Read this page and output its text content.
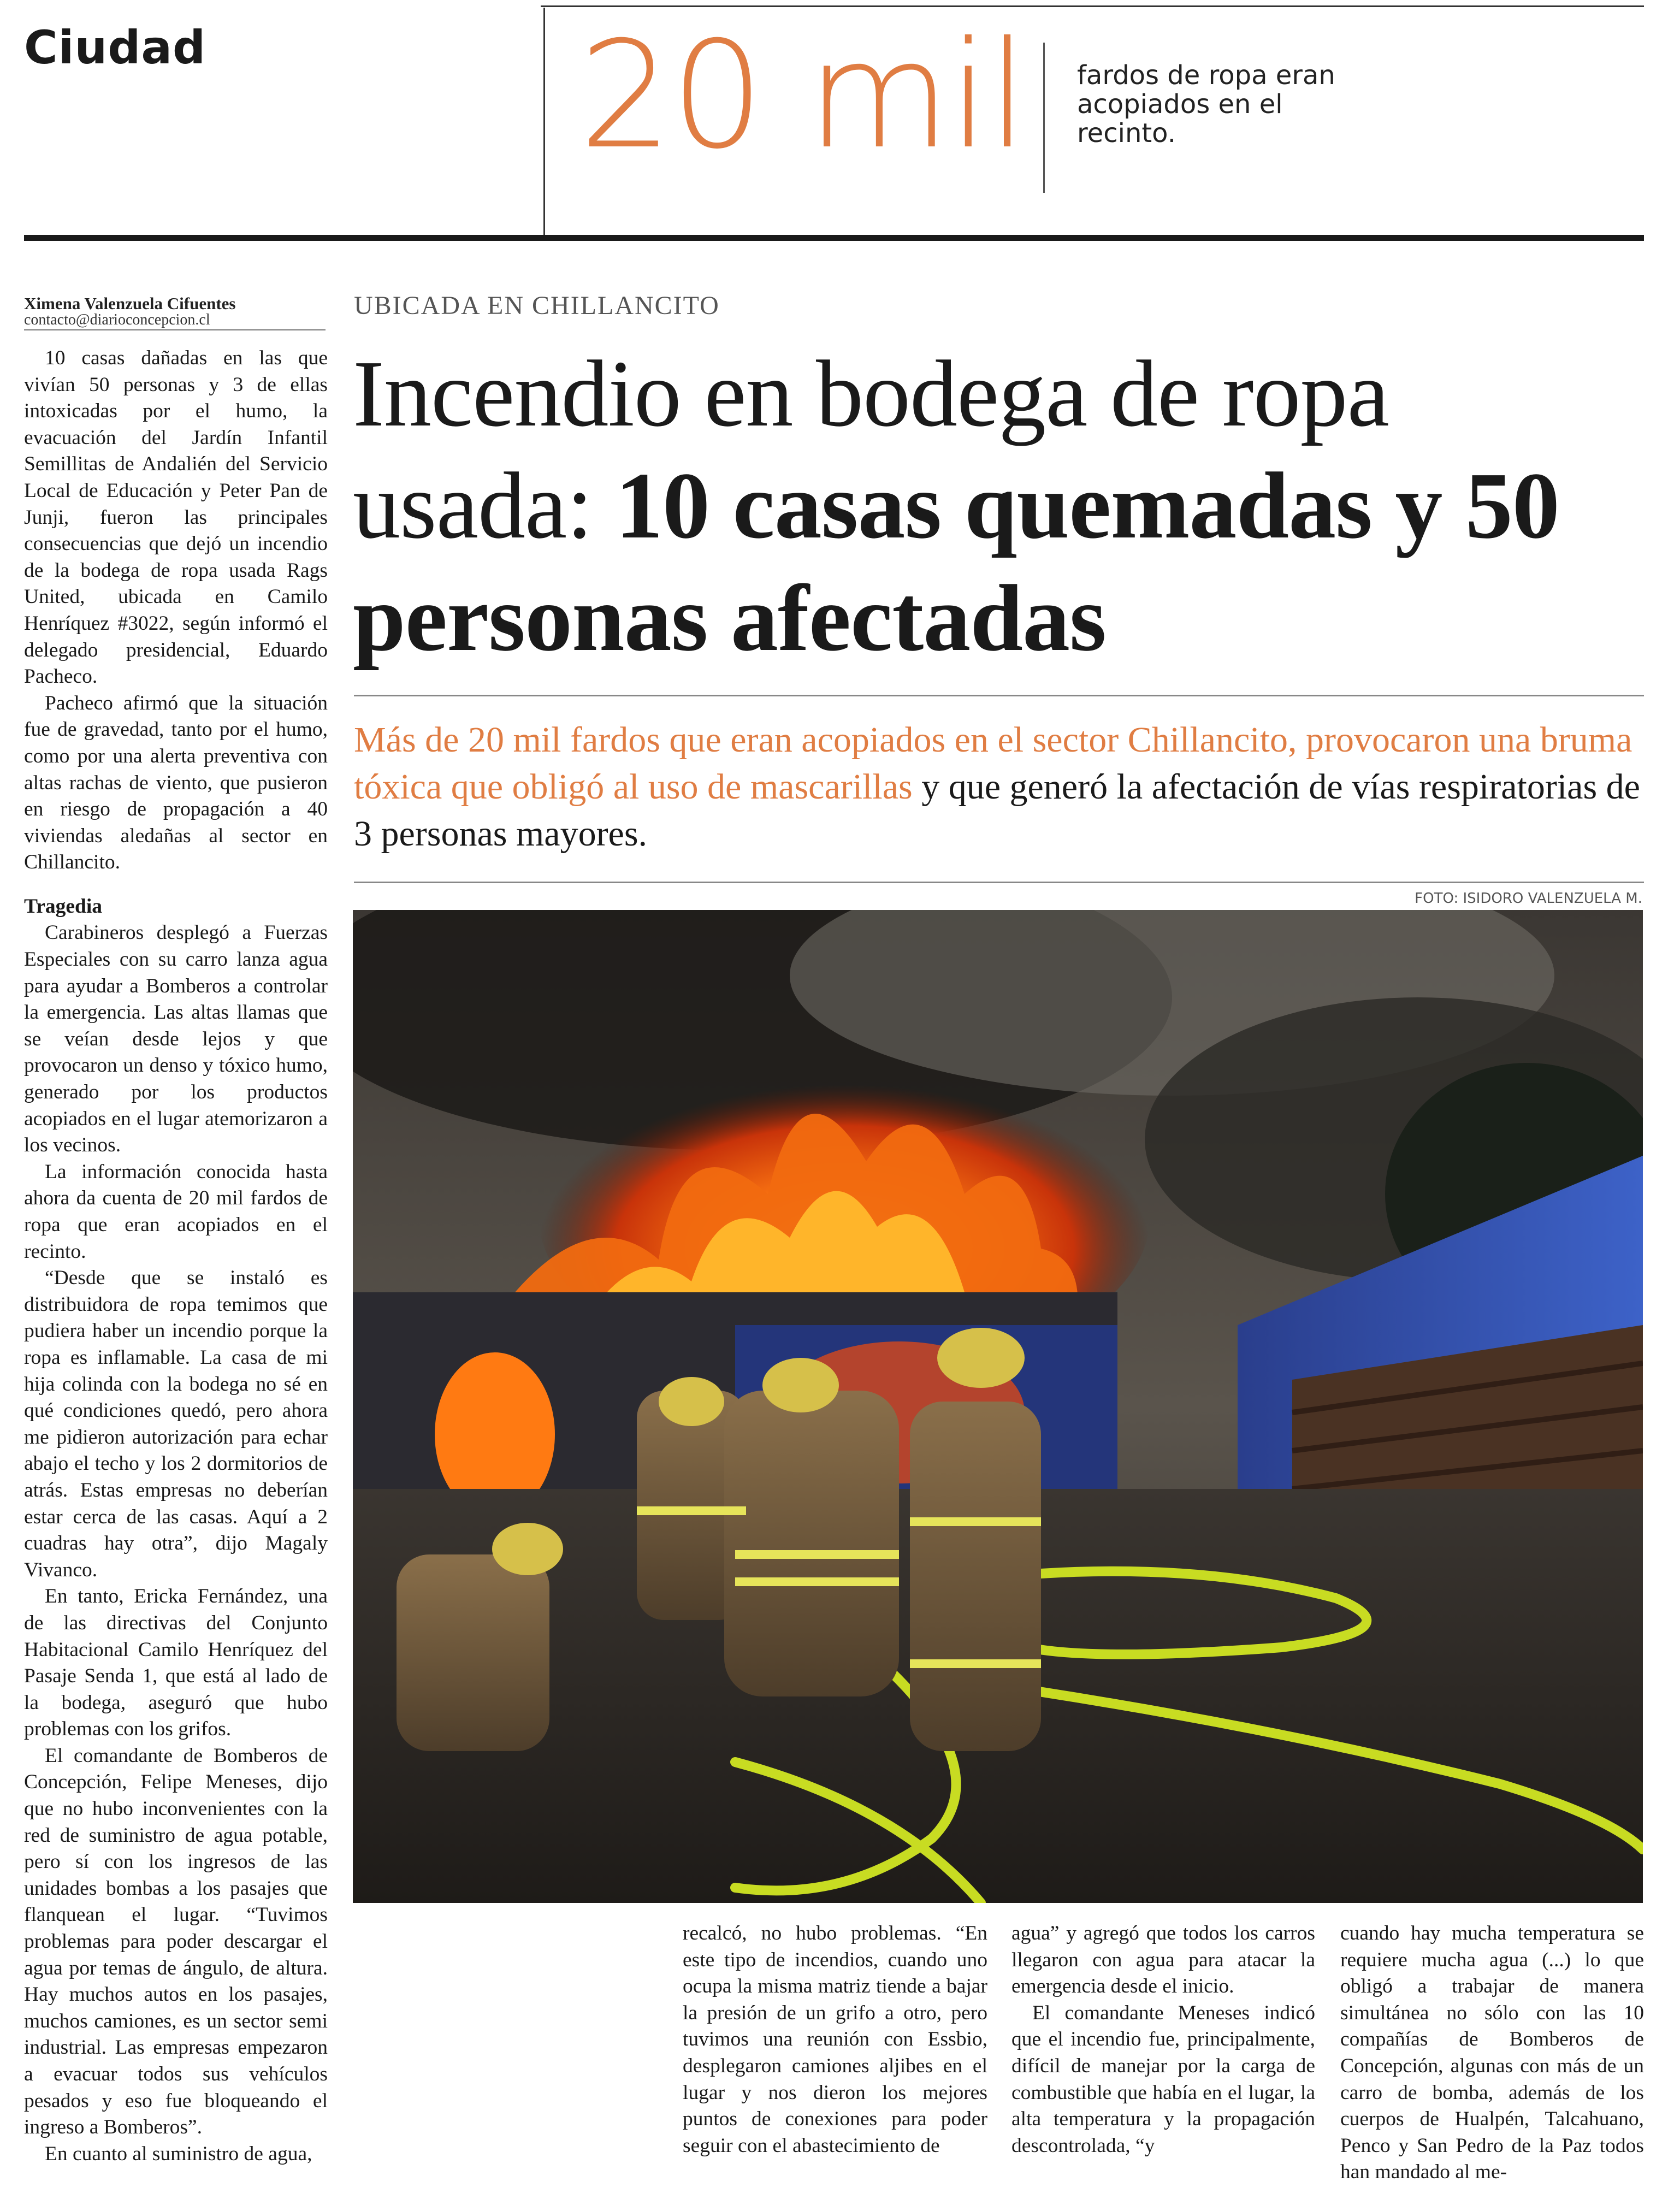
Ciudad	20 mil fardos de ropa eran acopiados en el recinto.
Ximena Valenzuela Cifuentes
contacto@diarioconcepcion.cl	UBICADA EN CHILLANCITO
Incendio en bodega de ropa usada: 10 casas quemadas y 50 personas afectadas
Más de 20 mil fardos que eran acopiados en el sector Chillancito, provocaron una bruma tóxica que obligó al uso de mascarillas y que generó la afectación de vías respiratorias de 3 personas mayores.
FOTO: ISIDORO VALENZUELA M.

10 casas dañadas en las que vivían 50 personas y 3 de ellas intoxicadas por el humo, la evacuación del Jardín Infantil Semillitas de Andalién del Servicio Local de Educación y Peter Pan de Junji, fueron las principales consecuencias que dejó un incendio de la bodega de ropa usada Rags United, ubicada en Camilo Henríquez #3022, según informó el delegado presidencial, Eduardo Pacheco.

Pacheco afirmó que la situación fue de gravedad, tanto por el humo, como por una alerta preventiva con altas rachas de viento, que pusieron en riesgo de propagación a 40 viviendas aledañas al sector en Chillancito.

Tragedia

Carabineros desplegó a Fuerzas Especiales con su carro lanza agua para ayudar a Bomberos a controlar la emergencia. Las altas llamas que se veían desde lejos y que provocaron un denso y tóxico humo, generado por los productos acopiados en el lugar atemorizaron a los vecinos.

La información conocida hasta ahora da cuenta de 20 mil fardos de ropa que eran acopiados en el recinto.

“Desde que se instaló es distribuidora de ropa temimos que pudiera haber un incendio porque la ropa es inflamable. La casa de mi hija colinda con la bodega no sé en qué condiciones quedó, pero ahora me pidieron autorización para echar abajo el techo y los 2 dormitorios de atrás. Estas empresas no deberían estar cerca de las casas. Aquí a 2 cuadras hay otra”, dijo Magaly Vivanco.

En tanto, Ericka Fernández, una de las directivas del Conjunto Habitacional Camilo Henríquez del Pasaje Senda 1, que está al lado de la bodega, aseguró que hubo problemas con los grifos.

El comandante de Bomberos de Concepción, Felipe Meneses, dijo que no hubo inconvenientes con la red de suministro de agua potable, pero sí con los ingresos de las unidades bombas a los pasajes que flanquean el lugar. “Tuvimos problemas para poder descargar el agua por temas de ángulo, de altura. Hay muchos autos en los pasajes, muchos camiones, es un sector semi industrial. Las empresas empezaron a evacuar todos sus vehículos pesados y eso fue bloqueando el ingreso a Bomberos”.

En cuanto al suministro de agua,

recalcó, no hubo problemas. “En este tipo de incendios, cuando uno ocupa la misma matriz tiende a bajar la presión de un grifo a otro, pero tuvimos una reunión con Essbio, desplegaron camiones aljibes en el lugar y nos dieron los mejores puntos de conexiones para poder seguir con el abastecimiento de

agua” y agregó que todos los carros llegaron con agua para atacar la emergencia desde el inicio.

El comandante Meneses indicó que el incendio fue, principalmente, difícil de manejar por la carga de combustible que había en el lugar, la alta temperatura y la propagación descontrolada, “y

cuando hay mucha temperatura se requiere mucha agua (...) lo que obligó a trabajar de manera simultánea no sólo con las 10 compañías de Bomberos de Concepción, algunas con más de un carro de bomba, además de los cuerpos de Hualpén, Talcahuano, Penco y San Pedro de la Paz todos han mandado al me-
